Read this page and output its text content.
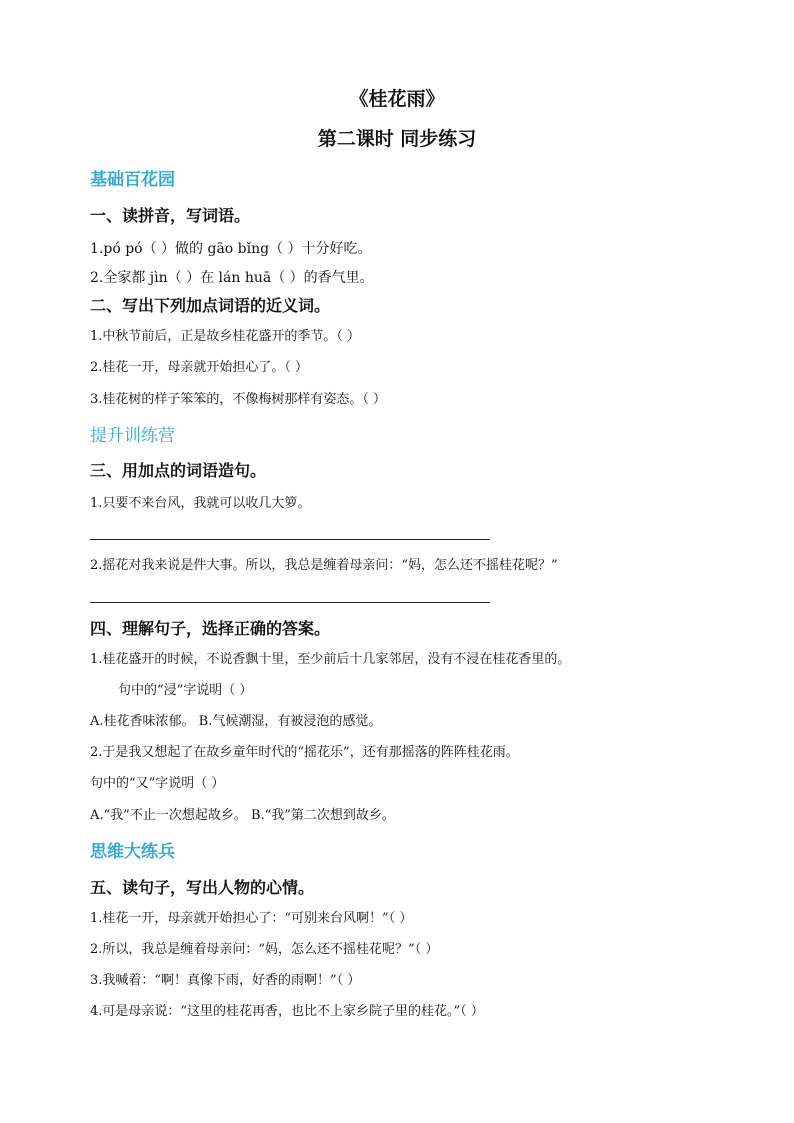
《桂花雨》
第二课时 同步练习
基础百花园
一、读拼音，写词语。
1.pó pó（ ）做的 gāo bǐng（ ）十分好吃。
2.全家都 jìn（ ）在 lán huā（ ）的香气里。
二、写出下列加点词语的近义词。
1.中秋节前后，正是故乡桂花盛开的季节。（ ）
2.桂花一开，母亲就开始担心了。（ ）
3.桂花树的样子笨笨的，不像梅树那样有姿态。（ ）
提升训练营
三、用加点的词语造句。
1.只要不来台风，我就可以收几大箩。
2.摇花对我来说是件大事。所以，我总是缠着母亲问：“妈，怎么还不摇桂花呢？”
四、理解句子，选择正确的答案。
1.桂花盛开的时候，不说香飘十里，至少前后十几家邻居，没有不浸在桂花香里的。
句中的“浸”字说明（ ）
A.桂花香味浓郁。 B.气候潮湿，有被浸泡的感觉。
2.于是我又想起了在故乡童年时代的“摇花乐”，还有那摇落的阵阵桂花雨。
句中的“又”字说明（ ）
A.“我”不止一次想起故乡。 B.“我”第二次想到故乡。
思维大练兵
五、读句子，写出人物的心情。
1.桂花一开，母亲就开始担心了：“可别来台风啊！”（ ）
2.所以，我总是缠着母亲问：“妈，怎么还不摇桂花呢？”（ ）
3.我喊着：“啊！真像下雨，好香的雨啊！”（ ）
4.可是母亲说：“这里的桂花再香，也比不上家乡院子里的桂花。”（ ）
